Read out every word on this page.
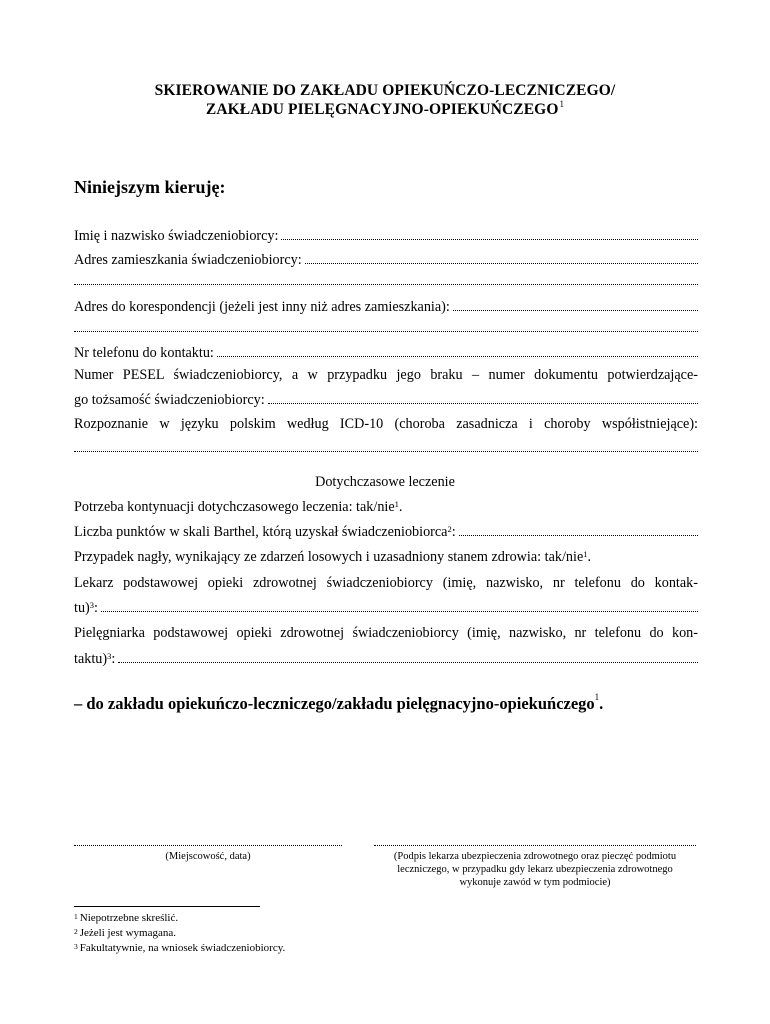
SKIEROWANIE DO ZAKŁADU OPIEKUŃCZO-LECZNICZEGO/
ZAKŁADU PIELĘGNACYJNO-OPIEKUŃCZEGO$^1$
Niniejszym kieruję:
Imię i nazwisko świadczeniobiorcy:
Adres zamieszkania świadczeniobiorcy:
Adres do korespondencji (jeżeli jest inny niż adres zamieszkania):
Nr telefonu do kontaktu:
Numer PESEL świadczeniobiorcy, a w przypadku jego braku – numer dokumentu potwierdzające-
go tożsamość świadczeniobiorcy:
Rozpoznanie w języku polskim według ICD-10 (choroba zasadnicza i choroby współistniejące):
Dotychczasowe leczenie
Potrzeba kontynuacji dotychczasowego leczenia: tak/nie$^1$.
Liczba punktów w skali Barthel, którą uzyskał świadczeniobiorca$^2$:
Przypadek nagły, wynikający ze zdarzeń losowych i uzasadniony stanem zdrowia: tak/nie$^1$.
Lekarz podstawowej opieki zdrowotnej świadczeniobiorcy (imię, nazwisko, nr telefonu do kontak-
tu)$^3$:
Pielęgniarka podstawowej opieki zdrowotnej świadczeniobiorcy (imię, nazwisko, nr telefonu do kon-
taktu)$^3$:
– do zakładu opiekuńczo-leczniczego/zakładu pielęgnacyjno-opiekuńczego$^1$.
(Miejscowość, data)	(Podpis lekarza ubezpieczenia zdrowotnego oraz pieczęć podmiotu
leczniczego, w przypadku gdy lekarz ubezpieczenia zdrowotnego
wykonuje zawód w tym podmiocie)
$^1$ Niepotrzebne skreślić.
$^2$ Jeżeli jest wymagana.
$^3$ Fakultatywnie, na wniosek świadczeniobiorcy.
